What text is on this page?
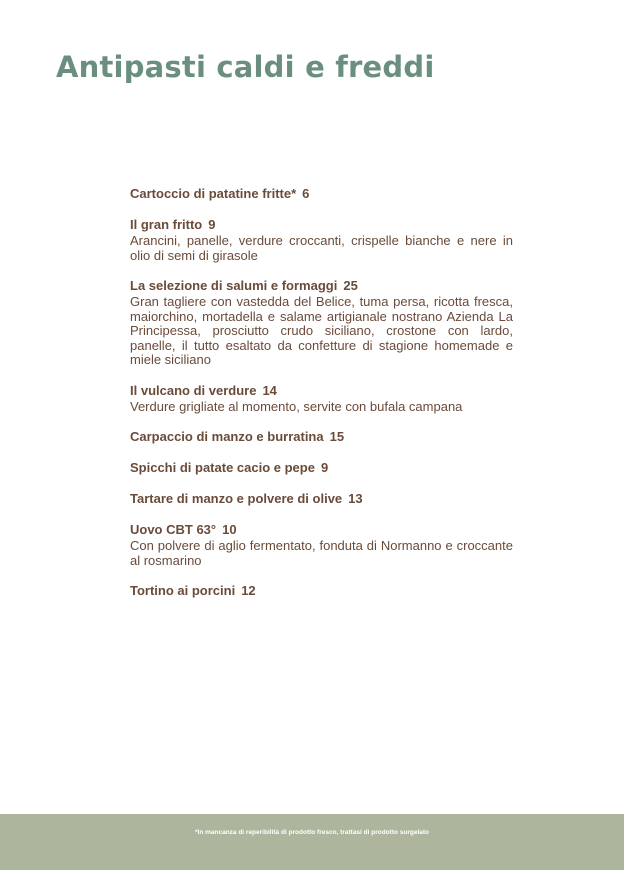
Antipasti caldi e freddi
Cartoccio di patatine fritte* 6
Il gran fritto 9
Arancini, panelle, verdure croccanti, crispelle bianche e nere in olio di semi di girasole
La selezione di salumi e formaggi 25
Gran tagliere con vastedda del Belice, tuma persa, ricotta fresca, maiorchino, mortadella e salame artigianale nostrano Azienda La Principessa, prosciutto crudo siciliano, crostone con lardo, panelle, il tutto esaltato da confetture di stagione homemade e miele siciliano
Il vulcano di verdure 14
Verdure grigliate al momento, servite con bufala campana
Carpaccio di manzo e burratina 15
Spicchi di patate cacio e pepe 9
Tartare di manzo e polvere di olive 13
Uovo CBT 63° 10
Con polvere di aglio fermentato, fonduta di Normanno e croccante al rosmarino
Tortino ai porcini 12
*In mancanza di reperibilità di prodotto fresco, trattasi di prodotto surgelato
